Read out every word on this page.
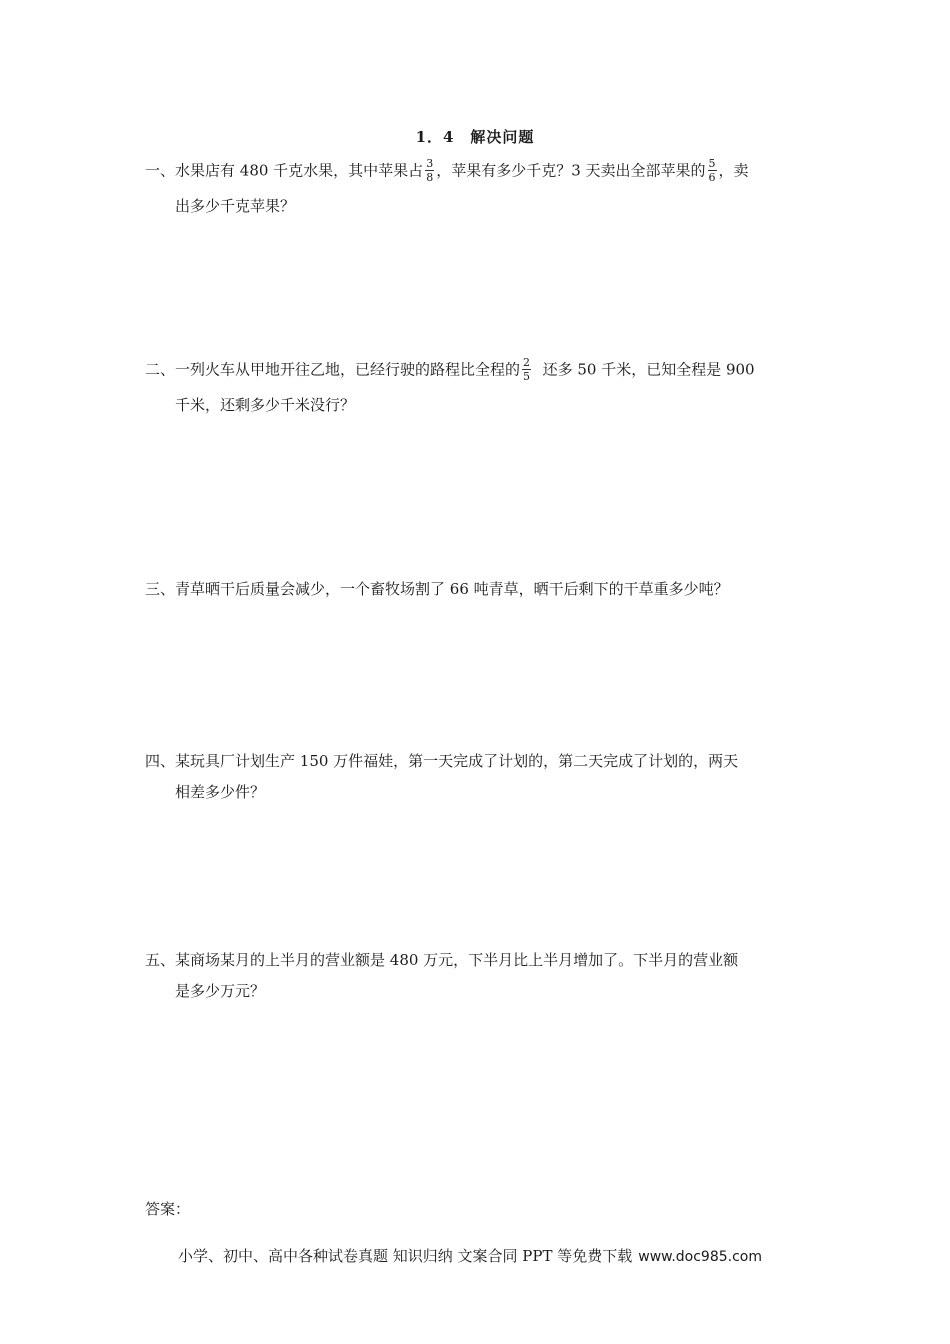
1．4　解决问题
一、水果店有 480 千克水果，其中苹果占 $\frac{3}{8}$ ，苹果有多少千克？3 天卖出全部苹果的 $\frac{5}{6}$ ，卖
出多少千克苹果？
二、一列火车从甲地开往乙地，已经行驶的路程比全程的 $\frac{2}{5}$ 还多 50 千米，已知全程是 900
千米，还剩多少千米没行？
三、青草晒干后质量会减少，一个畜牧场割了 66 吨青草，晒干后剩下的干草重多少吨？
四、某玩具厂计划生产 150 万件福娃，第一天完成了计划的，第二天完成了计划的，两天
相差多少件？
五、某商场某月的上半月的营业额是 480 万元，下半月比上半月增加了。下半月的营业额
是多少万元？
答案：
小学、初中、高中各种试卷真题 知识归纳 文案合同 PPT 等免费下载 www.doc985.com
